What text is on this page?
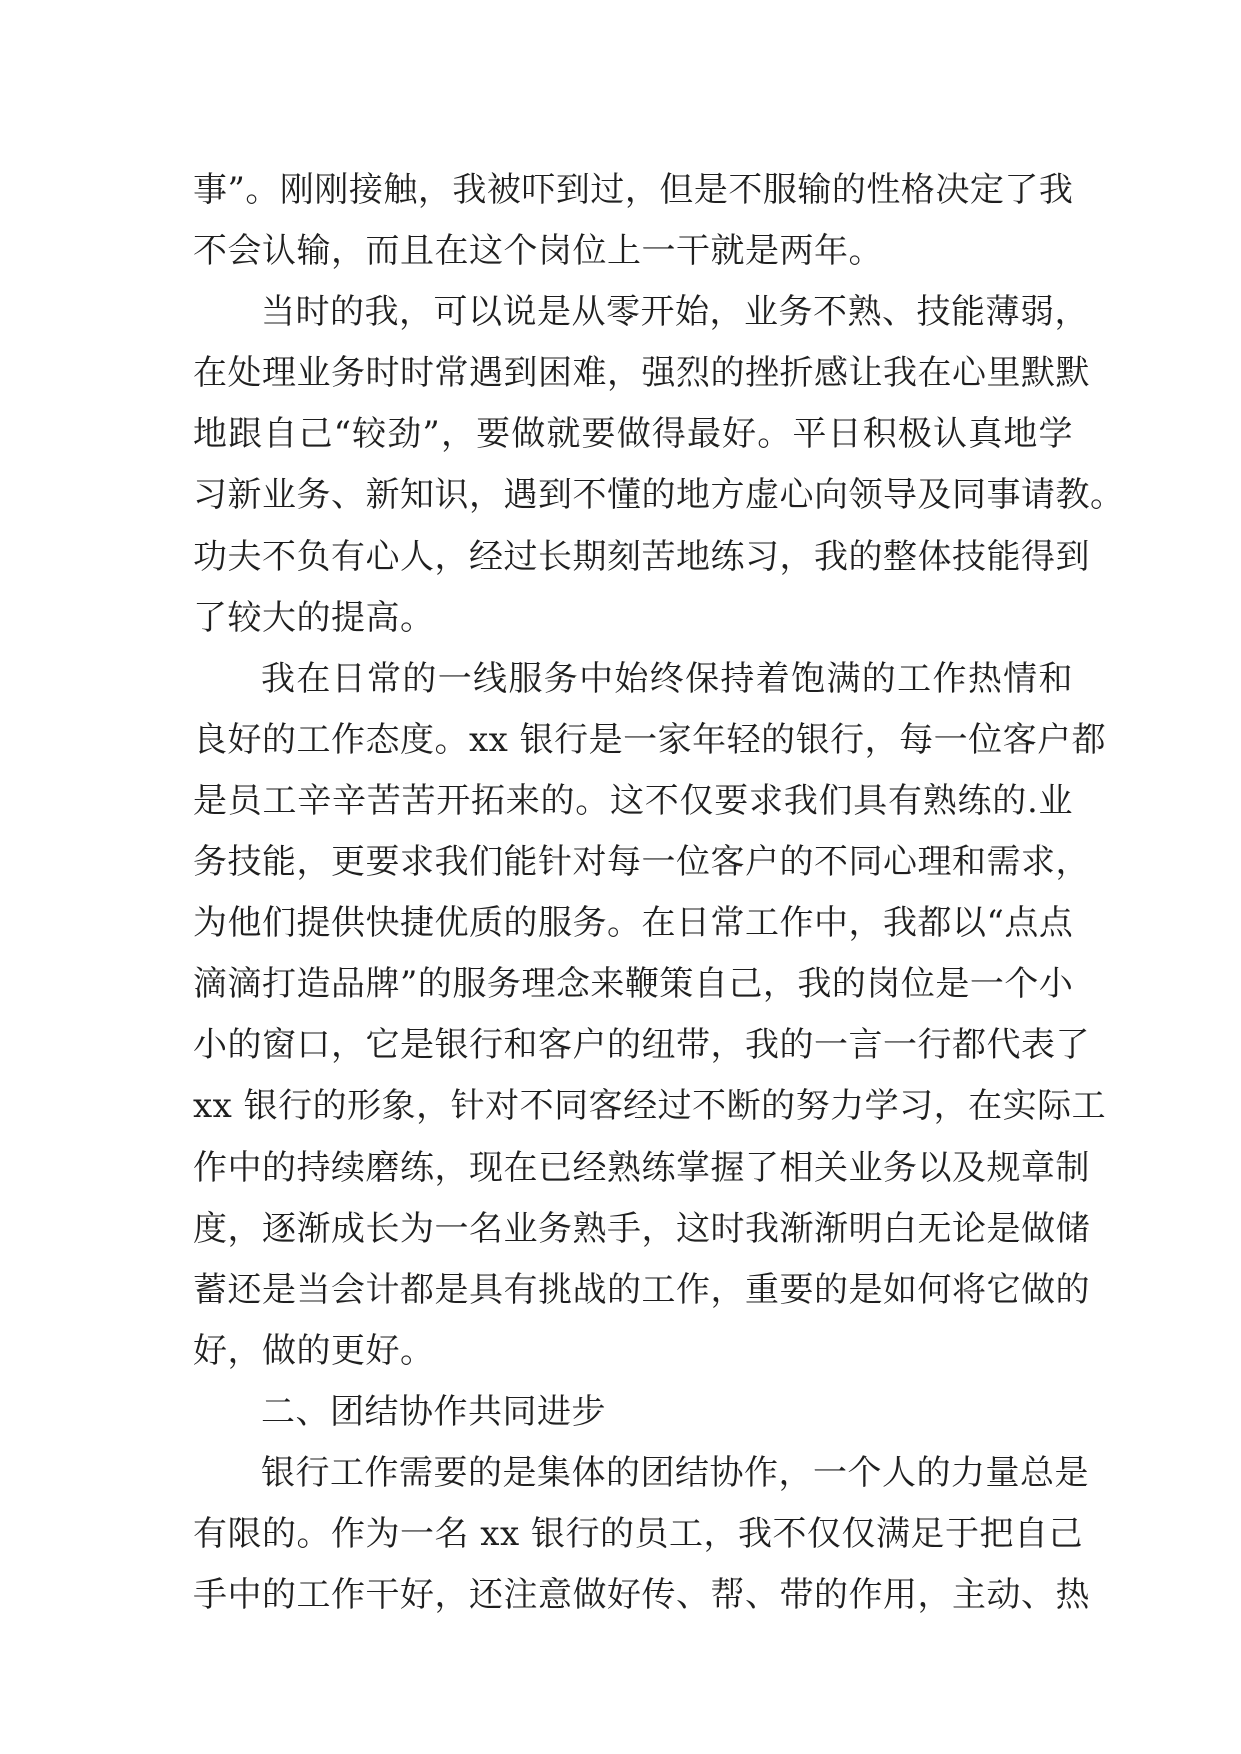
事”。刚刚接触，我被吓到过，但是不服输的性格决定了我
不会认输，而且在这个岗位上一干就是两年。
当时的我，可以说是从零开始，业务不熟、技能薄弱，
在处理业务时时常遇到困难，强烈的挫折感让我在心里默默
地跟自己“较劲”，要做就要做得最好。平日积极认真地学
习新业务、新知识，遇到不懂的地方虚心向领导及同事请教。
功夫不负有心人，经过长期刻苦地练习，我的整体技能得到
了较大的提高。
我在日常的一线服务中始终保持着饱满的工作热情和
良好的工作态度。xx 银行是一家年轻的银行，每一位客户都
是员工辛辛苦苦开拓来的。这不仅要求我们具有熟练的.业
务技能，更要求我们能针对每一位客户的不同心理和需求，
为他们提供快捷优质的服务。在日常工作中，我都以“点点
滴滴打造品牌”的服务理念来鞭策自己，我的岗位是一个小
小的窗口，它是银行和客户的纽带，我的一言一行都代表了
xx 银行的形象，针对不同客经过不断的努力学习，在实际工
作中的持续磨练，现在已经熟练掌握了相关业务以及规章制
度，逐渐成长为一名业务熟手，这时我渐渐明白无论是做储
蓄还是当会计都是具有挑战的工作，重要的是如何将它做的
好，做的更好。
二、团结协作共同进步
银行工作需要的是集体的团结协作，一个人的力量总是
有限的。作为一名 xx 银行的员工，我不仅仅满足于把自己
手中的工作干好，还注意做好传、帮、带的作用，主动、热
